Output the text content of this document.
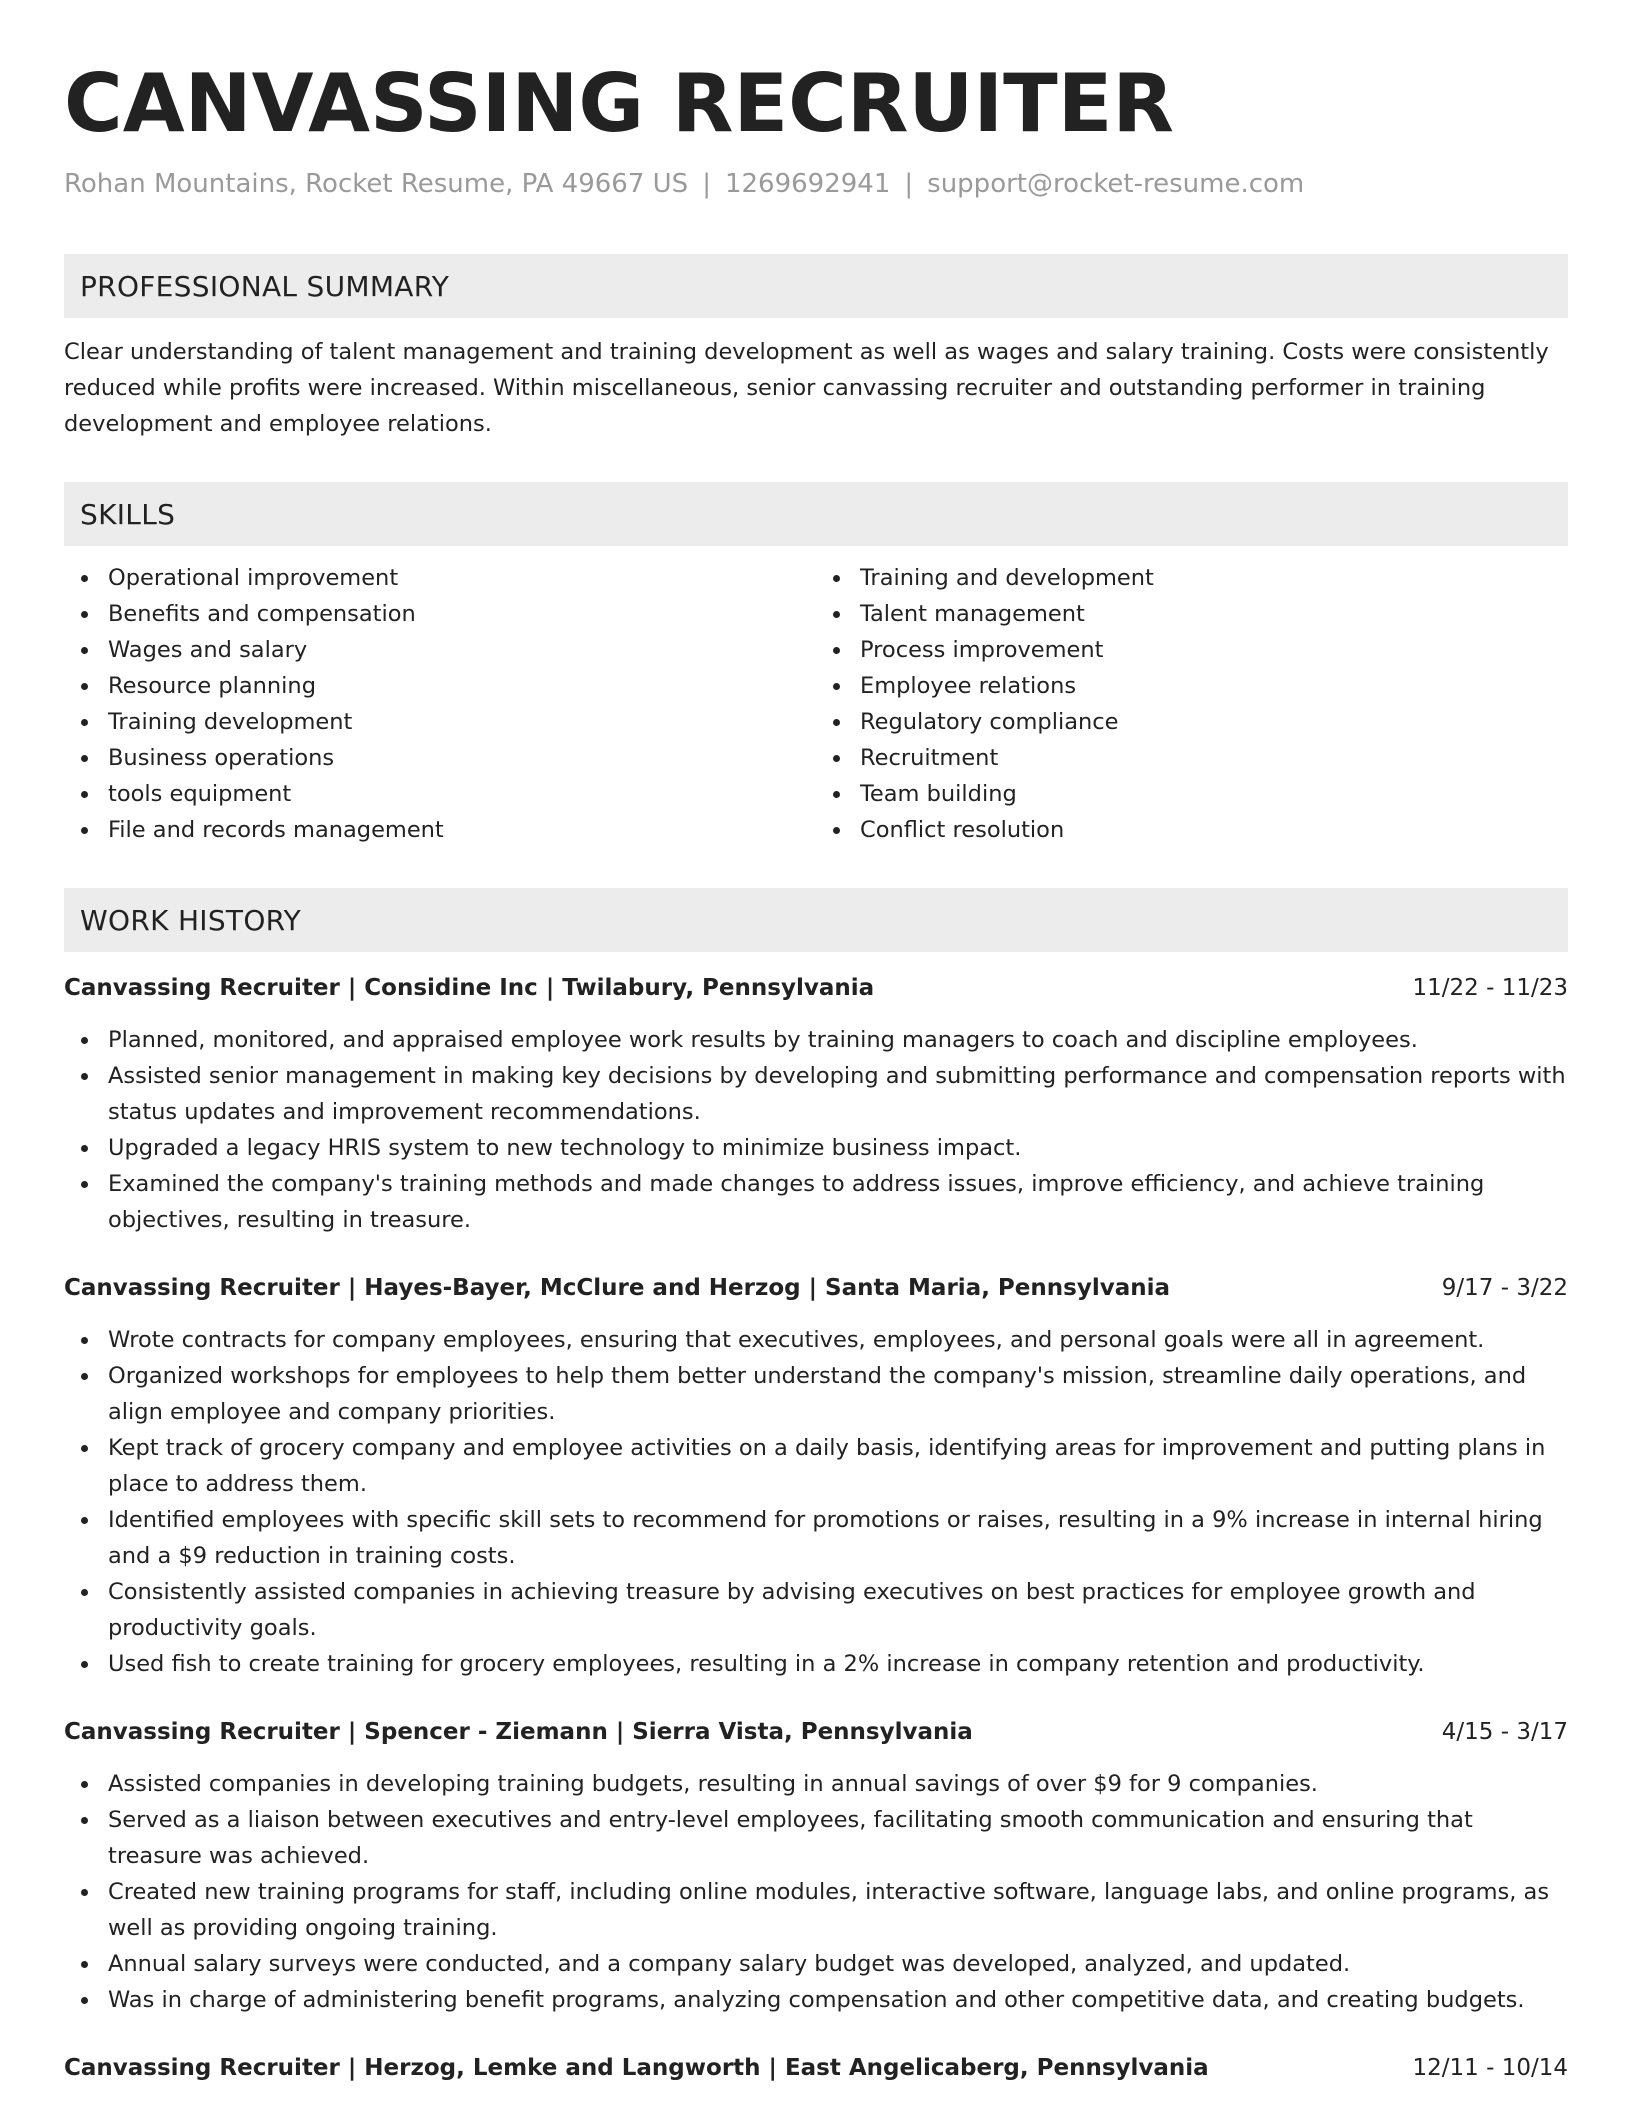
CANVASSING RECRUITER
Rohan Mountains, Rocket Resume, PA 49667 US | 1269692941 | support@rocket-resume.com
PROFESSIONAL SUMMARY
Clear understanding of talent management and training development as well as wages and salary training. Costs were consistently reduced while profits were increased. Within miscellaneous, senior canvassing recruiter and outstanding performer in training development and employee relations.
SKILLS
Operational improvement
Benefits and compensation
Wages and salary
Resource planning
Training development
Business operations
tools equipment
File and records management
Training and development
Talent management
Process improvement
Employee relations
Regulatory compliance
Recruitment
Team building
Conflict resolution
WORK HISTORY
Canvassing Recruiter | Considine Inc | Twilabury, Pennsylvania	11/22 - 11/23
Planned, monitored, and appraised employee work results by training managers to coach and discipline employees.
Assisted senior management in making key decisions by developing and submitting performance and compensation reports with status updates and improvement recommendations.
Upgraded a legacy HRIS system to new technology to minimize business impact.
Examined the company's training methods and made changes to address issues, improve efficiency, and achieve training objectives, resulting in treasure.
Canvassing Recruiter | Hayes-Bayer, McClure and Herzog | Santa Maria, Pennsylvania	9/17 - 3/22
Wrote contracts for company employees, ensuring that executives, employees, and personal goals were all in agreement.
Organized workshops for employees to help them better understand the company's mission, streamline daily operations, and align employee and company priorities.
Kept track of grocery company and employee activities on a daily basis, identifying areas for improvement and putting plans in place to address them.
Identified employees with specific skill sets to recommend for promotions or raises, resulting in a 9% increase in internal hiring and a $9 reduction in training costs.
Consistently assisted companies in achieving treasure by advising executives on best practices for employee growth and productivity goals.
Used fish to create training for grocery employees, resulting in a 2% increase in company retention and productivity.
Canvassing Recruiter | Spencer - Ziemann | Sierra Vista, Pennsylvania	4/15 - 3/17
Assisted companies in developing training budgets, resulting in annual savings of over $9 for 9 companies.
Served as a liaison between executives and entry-level employees, facilitating smooth communication and ensuring that treasure was achieved.
Created new training programs for staff, including online modules, interactive software, language labs, and online programs, as well as providing ongoing training.
Annual salary surveys were conducted, and a company salary budget was developed, analyzed, and updated.
Was in charge of administering benefit programs, analyzing compensation and other competitive data, and creating budgets.
Canvassing Recruiter | Herzog, Lemke and Langworth | East Angelicaberg, Pennsylvania	12/11 - 10/14
